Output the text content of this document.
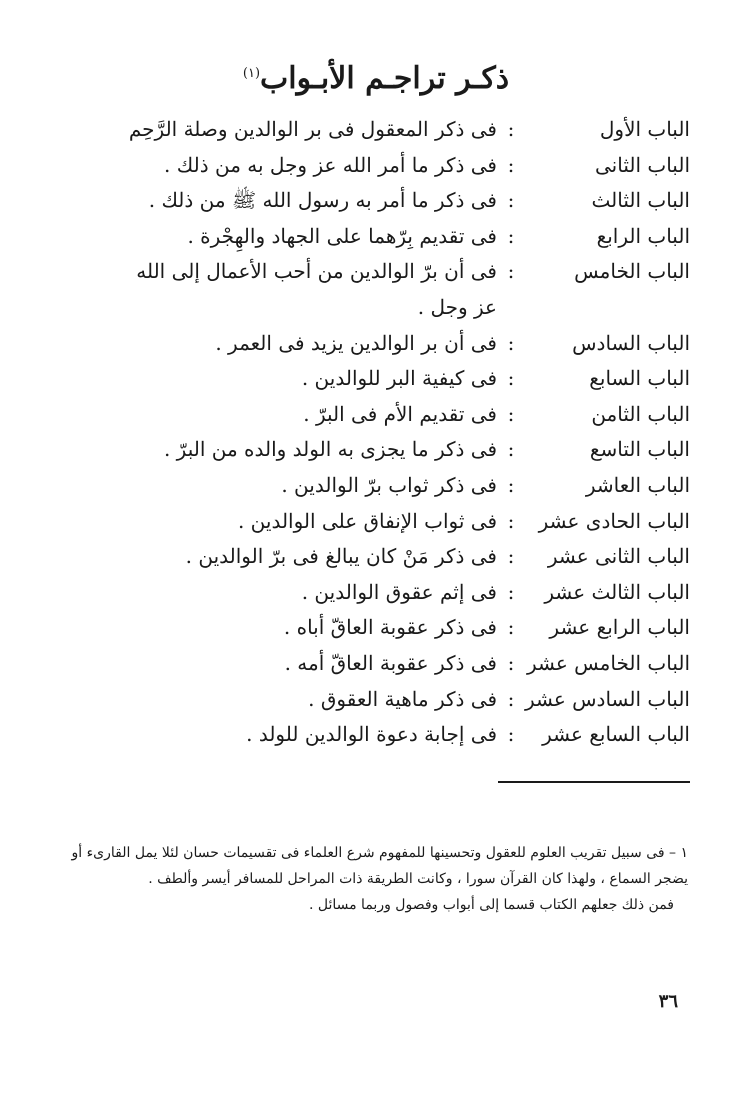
ذكـر تراجـم الأبـواب$^{(١)}$
الباب الأول
:
فى ذكر المعقول فى بر الوالدين وصلة الرَّحِم
الباب الثانى
:
فى ذكر ما أمر الله عز وجل به من ذلك .
الباب الثالث
:
فى ذكر ما أمر به رسول الله ﷺ من ذلك .
الباب الرابع
:
فى تقديم بِرّهما على الجهاد والهِجْرة .
الباب الخامس
:
فى أن برّ الوالدين من أحب الأعمال إلى الله
عز وجل .
الباب السادس
:
فى أن بر الوالدين يزيد فى العمر .
الباب السابع
:
فى كيفية البر للوالدين .
الباب الثامن
:
فى تقديم الأم فى البرّ .
الباب التاسع
:
فى ذكر ما يجزى به الولد والده من البرّ .
الباب العاشر
:
فى ذكر ثواب برّ الوالدين .
الباب الحادى عشر
:
فى ثواب الإنفاق على الوالدين .
الباب الثانى عشر
:
فى ذكر مَنْ كان يبالغ فى برّ الوالدين .
الباب الثالث عشر
:
فى إثم عقوق الوالدين .
الباب الرابع عشر
:
فى ذكر عقوبة العاقّ أباه .
الباب الخامس عشر
:
فى ذكر عقوبة العاقّ أمه .
الباب السادس عشر
:
فى ذكر ماهية العقوق .
الباب السابع عشر
:
فى إجابة دعوة الوالدين للولد .

١ – فى سبيل تقريب العلوم للعقول وتحسينها للمفهوم شرع العلماء فى تقسيمات حسان لئلا يمل القارىء أو يضجر السماع ، ولهذا كان القرآن سورا ، وكانت الطريقة ذات المراحل للمسافر أيسر وألطف .

فمن ذلك جعلهم الكتاب قسما إلى أبواب وفصول وربما مسائل .

٣٦
